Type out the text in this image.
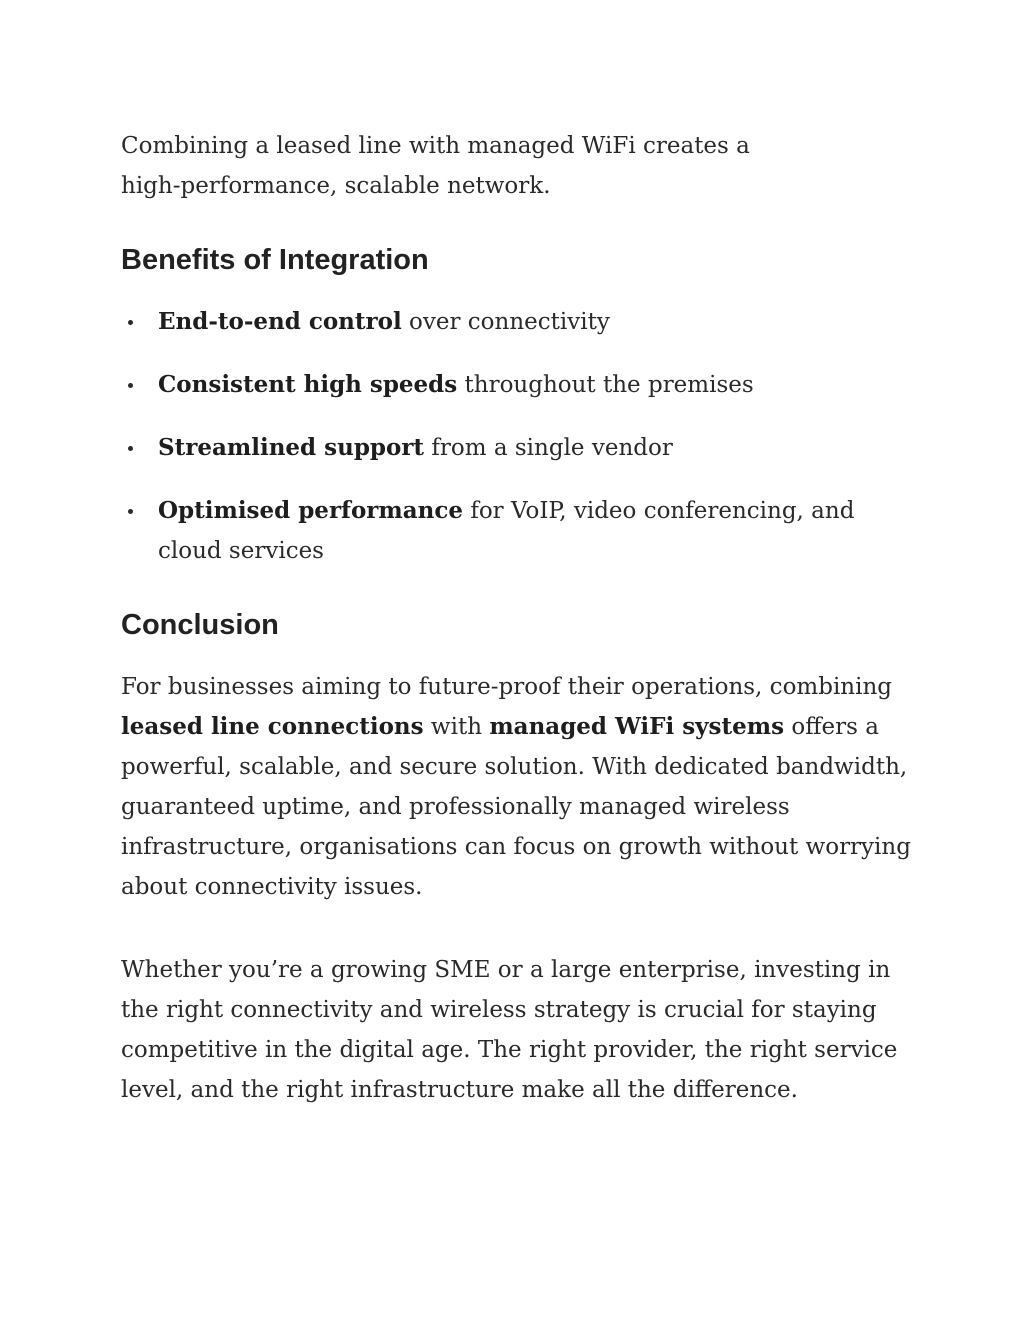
Combining a leased line with managed WiFi creates a high-performance, scalable network.

Benefits of Integration
End-to-end control over connectivity
Consistent high speeds throughout the premises
Streamlined support from a single vendor
Optimised performance for VoIP, video conferencing, and cloud services
Conclusion

For businesses aiming to future-proof their operations, combining leased line connections with managed WiFi systems offers a powerful, scalable, and secure solution. With dedicated bandwidth, guaranteed uptime, and professionally managed wireless infrastructure, organisations can focus on growth without worrying about connectivity issues.

Whether you’re a growing SME or a large enterprise, investing in the right connectivity and wireless strategy is crucial for staying competitive in the digital age. The right provider, the right service level, and the right infrastructure make all the difference.
